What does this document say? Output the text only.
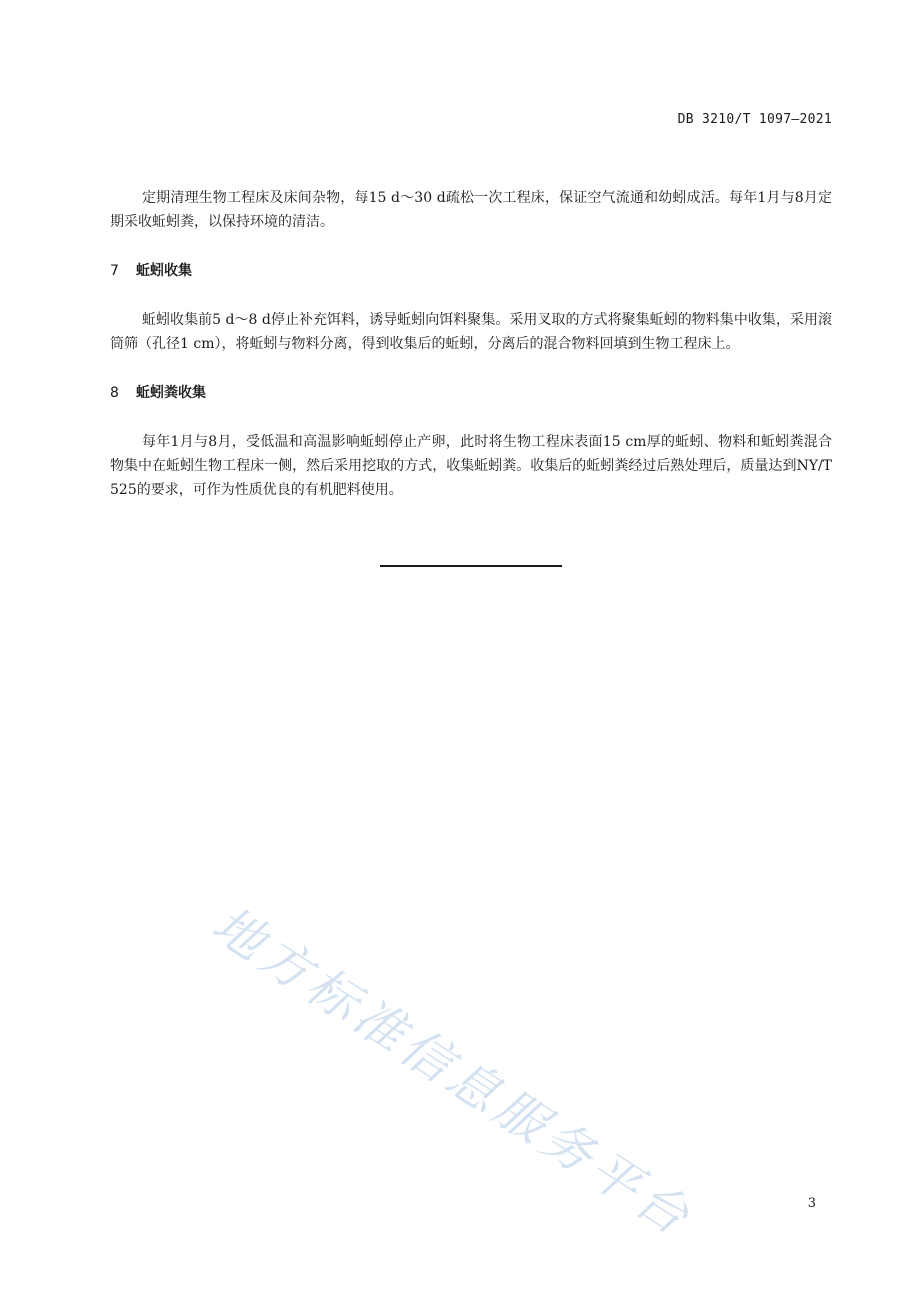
DB 3210/T 1097—2021

定期清理生物工程床及床间杂物，每15 d～30 d疏松一次工程床，保证空气流通和幼蚓成活。每年1月与8月定期采收蚯蚓粪，以保持环境的清洁。

7 蚯蚓收集

蚯蚓收集前5 d～8 d停止补充饵料，诱导蚯蚓向饵料聚集。采用叉取的方式将聚集蚯蚓的物料集中收集，采用滚筒筛（孔径1 cm），将蚯蚓与物料分离，得到收集后的蚯蚓，分离后的混合物料回填到生物工程床上。

8 蚯蚓粪收集

每年1月与8月，受低温和高温影响蚯蚓停止产卵，此时将生物工程床表面15 cm厚的蚯蚓、物料和蚯蚓粪混合物集中在蚯蚓生物工程床一侧，然后采用挖取的方式，收集蚯蚓粪。收集后的蚯蚓粪经过后熟处理后，质量达到NY/T 525的要求，可作为性质优良的有机肥料使用。

地方标准信息服务平台	3
